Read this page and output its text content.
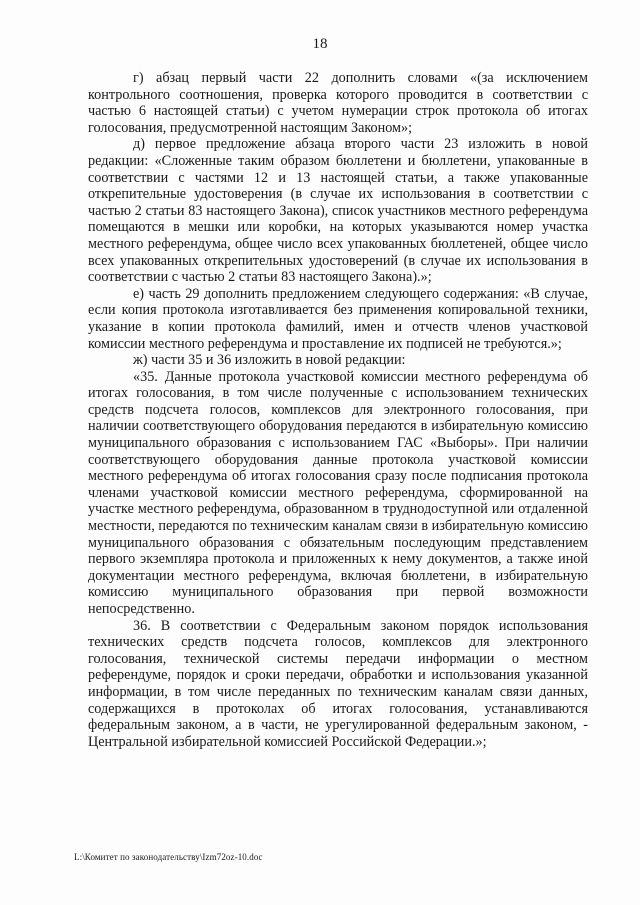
18

г) абзац первый части 22 дополнить словами «(за исключением контрольного соотношения, проверка которого проводится в соответствии с частью 6 настоящей статьи) с учетом нумерации строк протокола об итогах голосования, предусмотренной настоящим Законом»;

д) первое предложение абзаца второго части 23 изложить в новой редакции: «Сложенные таким образом бюллетени и бюллетени, упакованные в соответствии с частями 12 и 13 настоящей статьи, а также упакованные открепительные удостоверения (в случае их использования в соответствии с частью 2 статьи 83 настоящего Закона), список участников местного референдума помещаются в мешки или коробки, на которых указываются номер участка местного референдума, общее число всех упакованных бюллетеней, общее число всех упакованных открепительных удостоверений (в случае их использования в соответствии с частью 2 статьи 83 настоящего Закона).»;

е) часть 29 дополнить предложением следующего содержания: «В случае, если копия протокола изготавливается без применения копировальной техники, указание в копии протокола фамилий, имен и отчеств членов участковой комиссии местного референдума и проставление их подписей не требуются.»;

ж) части 35 и 36 изложить в новой редакции:

«35. Данные протокола участковой комиссии местного референдума об итогах голосования, в том числе полученные с использованием технических средств подсчета голосов, комплексов для электронного голосования, при наличии соответствующего оборудования передаются в избирательную комиссию муниципального образования с использованием ГАС «Выборы». При наличии соответствующего оборудования данные протокола участковой комиссии местного референдума об итогах голосования сразу после подписания протокола членами участковой комиссии местного референдума, сформированной на участке местного референдума, образованном в труднодоступной или отдаленной местности, передаются по техническим каналам связи в избирательную комиссию муниципального образования с обязательным последующим представлением первого экземпляра протокола и приложенных к нему документов, а также иной документации местного референдума, включая бюллетени, в избирательную комиссию муниципального образования при первой возможности непосредственно.

36. В соответствии с Федеральным законом порядок использования технических средств подсчета голосов, комплексов для электронного голосования, технической системы передачи информации о местном референдуме, порядок и сроки передачи, обработки и использования указанной информации, в том числе переданных по техническим каналам связи данных, содержащихся в протоколах об итогах голосования, устанавливаются федеральным законом, а в части, не урегулированной федеральным законом, - Центральной избирательной комиссией Российской Федерации.»;

L:\Комитет по законодательству\Izm72oz-10.doc
